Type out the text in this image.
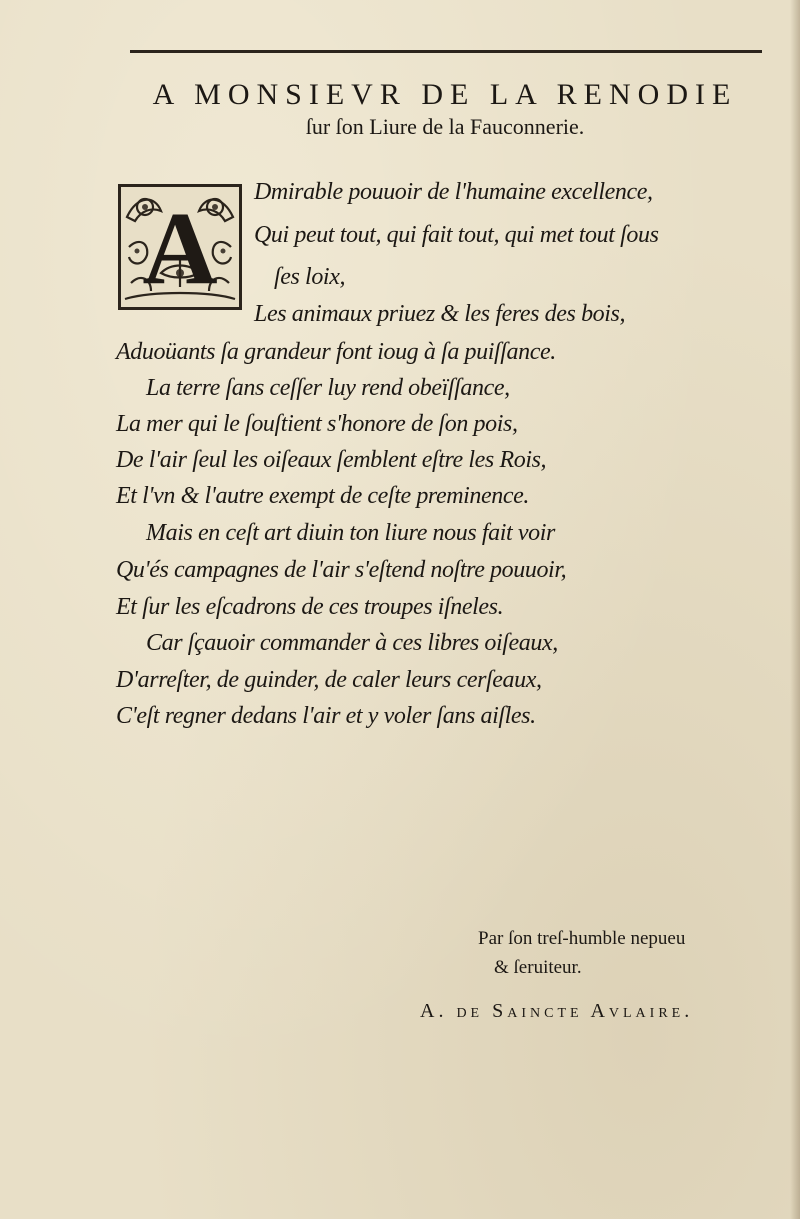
A MONSIEVR DE LA RENODIE
ſur ſon Liure de la Fauconnerie.
A Dmirable pouuoir de l'humaine excellence,
Qui peut tout, qui fait tout, qui met tout ſous
ſes loix,
Les animaux priuez & les feres des bois,
Aduoüants ſa grandeur font ioug à ſa puiſſance.
La terre ſans ceſſer luy rend obeïſſance,
La mer qui le ſouſtient s'honore de ſon pois,
De l'air ſeul les oiſeaux ſemblent eſtre les Rois,
Et l'vn & l'autre exempt de ceſte preminence.
Mais en ceſt art diuin ton liure nous fait voir
Qu'és campagnes de l'air s'eſtend noſtre pouuoir,
Et ſur les eſcadrons de ces troupes iſneles.
Car ſçauoir commander à ces libres oiſeaux,
D'arreſter, de guinder, de caler leurs cerſeaux,
C'eſt regner dedans l'air et y voler ſans aiſles.
Par ſon treſ-humble nepueu
& ſeruiteur.
A. de Saincte Avlaire.
